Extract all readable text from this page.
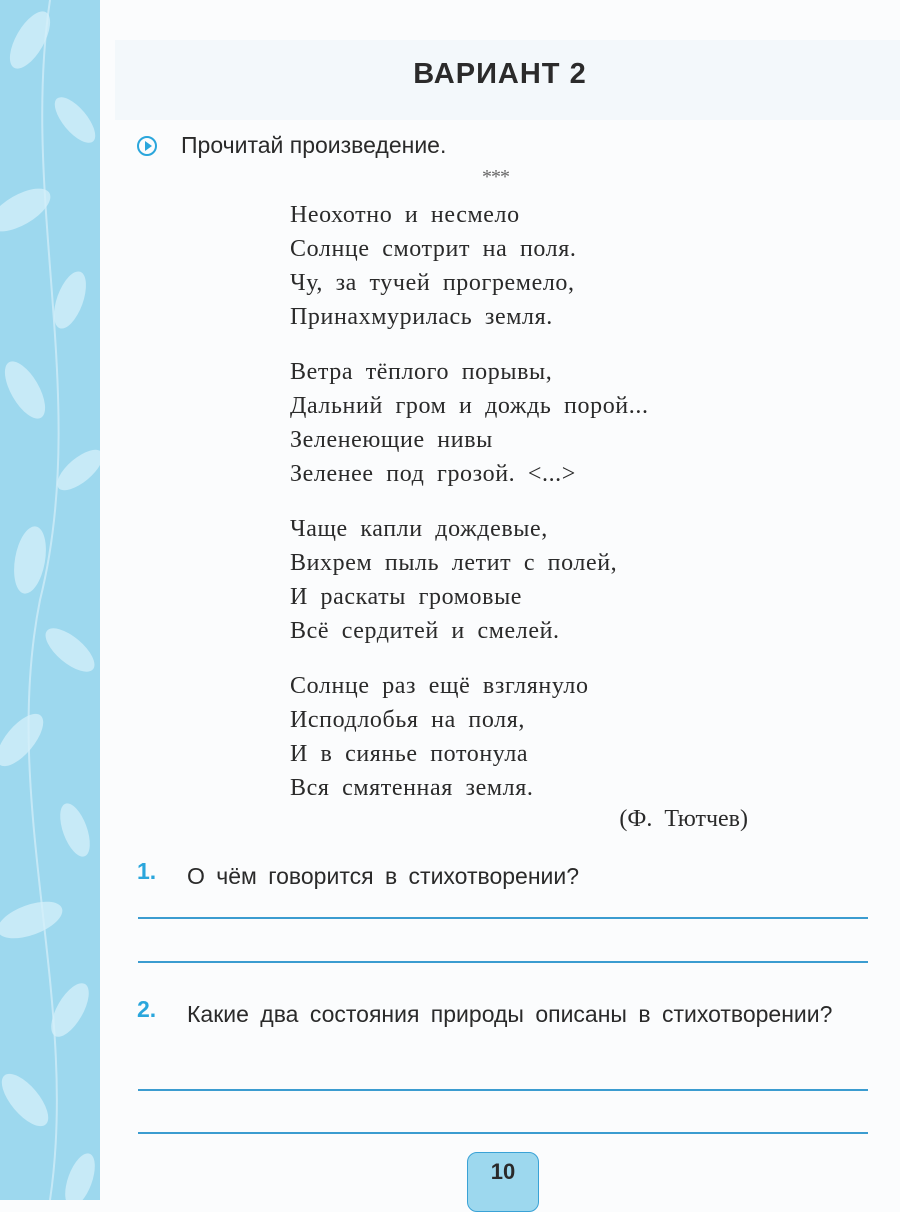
ВАРИАНТ 2
Прочитай произведение.
***
Неохотно и несмело
Солнце смотрит на поля.
Чу, за тучей прогремело,
Принахмурилась земля.
Ветра тёплого порывы,
Дальний гром и дождь порой...
Зеленеющие нивы
Зеленее под грозой. <...>
Чаще капли дождевые,
Вихрем пыль летит с полей,
И раскаты громовые
Всё сердитей и смелей.
Солнце раз ещё взглянуло
Исподлобья на поля,
И в сиянье потонула
Вся смятенная земля.
(Ф. Тютчев)
1.	О чём говорится в стихотворении?
2.	Какие два состояния природы описаны в стихотворении?
10
